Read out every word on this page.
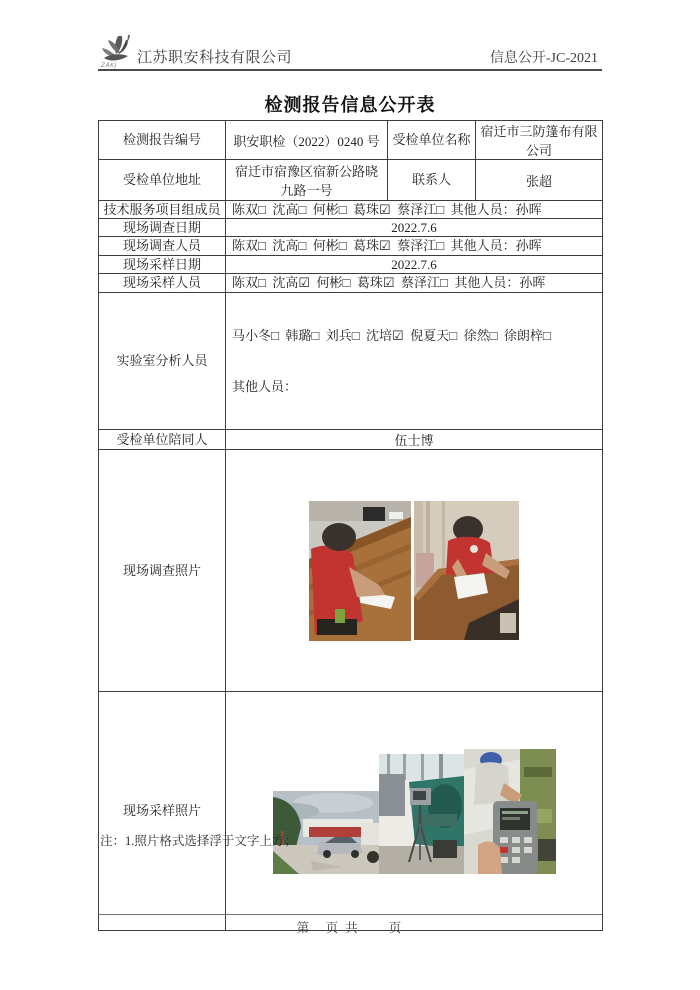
ZAKJ 江苏职安科技有限公司	信息公开-JC-2021
检测报告信息公开表
检测报告编号	职安职检（2022）0240 号	受检单位名称	宿迁市三防篷布有限公司
受检单位地址	宿迁市宿豫区宿新公路晓九路一号	联系人	张超
技术服务项目组成员	陈双□  沈高□  何彬□  葛珠☑  蔡泽江□  其他人员：孙晖		
现场调查日期	2022.7.6		
现场调查人员	陈双□  沈高□  何彬□  葛珠☑  蔡泽江□  其他人员：孙晖		
现场采样日期	2022.7.6		
现场采样人员	陈双□  沈高☑  何彬□  葛珠☑  蔡泽江□  其他人员：孙晖		
实验室分析人员	马小冬□  韩璐□  刘兵□  沈培☑  倪夏天□  徐然□  徐朗梓□

其他人员：		

受检单位陪同人	伍士博		
现场调查照片	

现场采样照片	
注：1.照片格式选择浮于文字上方；
第　页 共　　页
